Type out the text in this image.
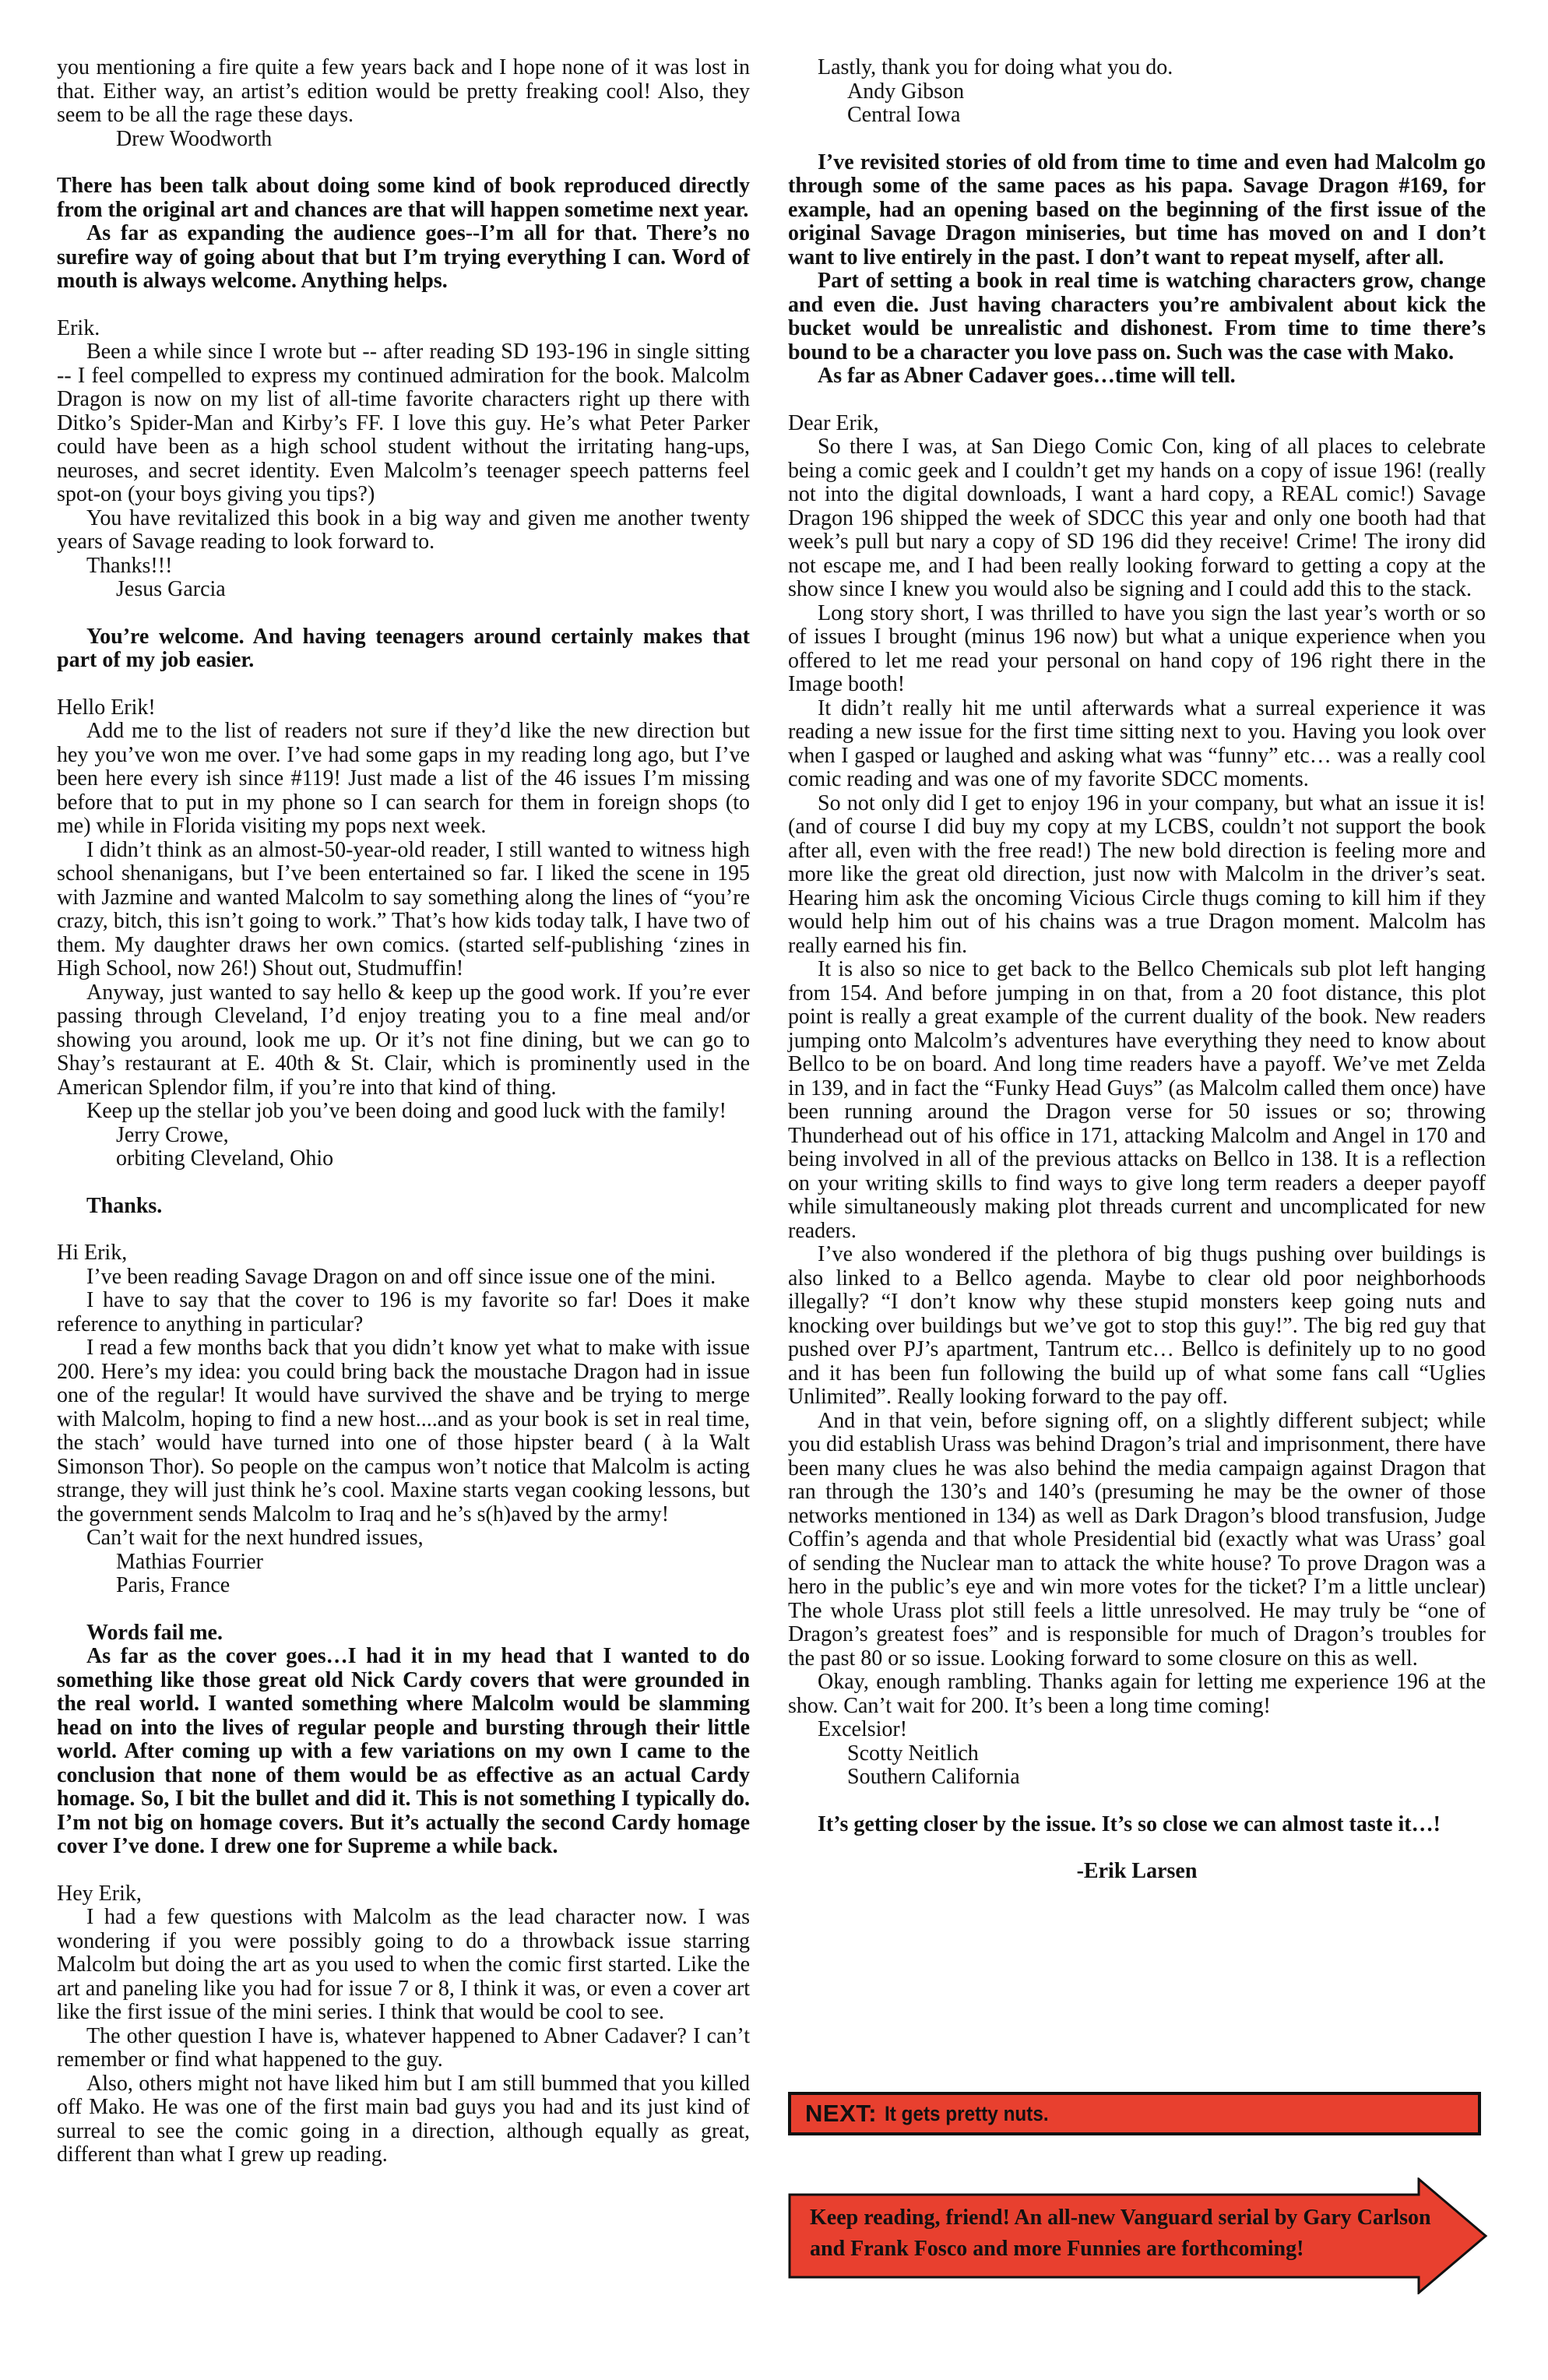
you mentioning a fire quite a few years back and I hope none of it was lost in that. Either way, an artist’s edition would be pretty freaking cool! Also, they seem to be all the rage these days.

Drew Woodworth

There has been talk about doing some kind of book reproduced directly from the original art and chances are that will happen sometime next year.

As far as expanding the audience goes--I’m all for that. There’s no surefire way of going about that but I’m trying everything I can. Word of mouth is always welcome. Anything helps.

Erik.

Been a while since I wrote but -- after reading SD 193-196 in single sitting -- I feel compelled to express my continued admiration for the book. Malcolm Dragon is now on my list of all-time favorite characters right up there with Ditko’s Spider-Man and Kirby’s FF. I love this guy. He’s what Peter Parker could have been as a high school student without the irritating hang-ups, neuroses, and secret identity. Even Malcolm’s teenager speech patterns feel spot-on (your boys giving you tips?)

You have revitalized this book in a big way and given me another twenty years of Savage reading to look forward to.

Thanks!!!

Jesus Garcia

You’re welcome. And having teenagers around certainly makes that part of my job easier.

Hello Erik!

Add me to the list of readers not sure if they’d like the new direction but hey you’ve won me over. I’ve had some gaps in my reading long ago, but I’ve been here every ish since #119! Just made a list of the 46 issues I’m missing before that to put in my phone so I can search for them in foreign shops (to me) while in Florida visiting my pops next week.

I didn’t think as an almost-50-year-old reader, I still wanted to witness high school shenanigans, but I’ve been entertained so far. I liked the scene in 195 with Jazmine and wanted Malcolm to say something along the lines of “you’re crazy, bitch, this isn’t going to work.” That’s how kids today talk, I have two of them. My daughter draws her own comics. (started self-publishing ‘zines in High School, now 26!) Shout out, Studmuffin!

Anyway, just wanted to say hello & keep up the good work. If you’re ever passing through Cleveland, I’d enjoy treating you to a fine meal and/or showing you around, look me up. Or it’s not fine dining, but we can go to Shay’s restaurant at E. 40th & St. Clair, which is prominently used in the American Splendor film, if you’re into that kind of thing.

Keep up the stellar job you’ve been doing and good luck with the family!

Jerry Crowe,

orbiting Cleveland, Ohio

Thanks.

Hi Erik,

I’ve been reading Savage Dragon on and off since issue one of the mini.

I have to say that the cover to 196 is my favorite so far! Does it make reference to anything in particular?

I read a few months back that you didn’t know yet what to make with issue 200. Here’s my idea: you could bring back the moustache Dragon had in issue one of the regular! It would have survived the shave and be trying to merge with Malcolm, hoping to find a new host....and as your book is set in real time, the stach’ would have turned into one of those hipster beard ( à la Walt Simonson Thor). So people on the campus won’t notice that Malcolm is acting strange, they will just think he’s cool. Maxine starts vegan cooking lessons, but the government sends Malcolm to Iraq and he’s s(h)aved by the army!

Can’t wait for the next hundred issues,

Mathias Fourrier

Paris, France

Words fail me.

As far as the cover goes…I had it in my head that I wanted to do something like those great old Nick Cardy covers that were grounded in the real world. I wanted something where Malcolm would be slamming head on into the lives of regular people and bursting through their little world. After coming up with a few variations on my own I came to the conclusion that none of them would be as effective as an actual Cardy homage. So, I bit the bullet and did it. This is not something I typically do. I’m not big on homage covers. But it’s actually the second Cardy homage cover I’ve done. I drew one for Supreme a while back.

Hey Erik,

I had a few questions with Malcolm as the lead character now. I was wondering if you were possibly going to do a throwback issue starring Malcolm but doing the art as you used to when the comic first started. Like the art and paneling like you had for issue 7 or 8, I think it was, or even a cover art like the first issue of the mini series. I think that would be cool to see.

The other question I have is, whatever happened to Abner Cadaver? I can’t remember or find what happened to the guy.

Also, others might not have liked him but I am still bummed that you killed off Mako. He was one of the first main bad guys you had and its just kind of surreal to see the comic going in a direction, although equally as great, different than what I grew up reading.

Lastly, thank you for doing what you do.

Andy Gibson

Central Iowa

I’ve revisited stories of old from time to time and even had Malcolm go through some of the same paces as his papa. Savage Dragon #169, for example, had an opening based on the beginning of the first issue of the original Savage Dragon miniseries, but time has moved on and I don’t want to live entirely in the past. I don’t want to repeat myself, after all.

Part of setting a book in real time is watching characters grow, change and even die. Just having characters you’re ambivalent about kick the bucket would be unrealistic and dishonest. From time to time there’s bound to be a character you love pass on. Such was the case with Mako.

As far as Abner Cadaver goes…time will tell.

Dear Erik,

So there I was, at San Diego Comic Con, king of all places to celebrate being a comic geek and I couldn’t get my hands on a copy of issue 196! (really not into the digital downloads, I want a hard copy, a REAL comic!) Savage Dragon 196 shipped the week of SDCC this year and only one booth had that week’s pull but nary a copy of SD 196 did they receive! Crime! The irony did not escape me, and I had been really looking forward to getting a copy at the show since I knew you would also be signing and I could add this to the stack.

Long story short, I was thrilled to have you sign the last year’s worth or so of issues I brought (minus 196 now) but what a unique experience when you offered to let me read your personal on hand copy of 196 right there in the Image booth!

It didn’t really hit me until afterwards what a surreal experience it was reading a new issue for the first time sitting next to you. Having you look over when I gasped or laughed and asking what was “funny” etc… was a really cool comic reading and was one of my favorite SDCC moments.

So not only did I get to enjoy 196 in your company, but what an issue it is! (and of course I did buy my copy at my LCBS, couldn’t not support the book after all, even with the free read!) The new bold direction is feeling more and more like the great old direction, just now with Malcolm in the driver’s seat. Hearing him ask the oncoming Vicious Circle thugs coming to kill him if they would help him out of his chains was a true Dragon moment. Malcolm has really earned his fin.

It is also so nice to get back to the Bellco Chemicals sub plot left hanging from 154. And before jumping in on that, from a 20 foot distance, this plot point is really a great example of the current duality of the book. New readers jumping onto Malcolm’s adventures have everything they need to know about Bellco to be on board. And long time readers have a payoff. We’ve met Zelda in 139, and in fact the “Funky Head Guys” (as Malcolm called them once) have been running around the Dragon verse for 50 issues or so; throwing Thunderhead out of his office in 171, attacking Malcolm and Angel in 170 and being involved in all of the previous attacks on Bellco in 138. It is a reflection on your writing skills to find ways to give long term readers a deeper payoff while simultaneously making plot threads current and uncomplicated for new readers.

I’ve also wondered if the plethora of big thugs pushing over buildings is also linked to a Bellco agenda. Maybe to clear old poor neighborhoods illegally? “I don’t know why these stupid monsters keep going nuts and knocking over buildings but we’ve got to stop this guy!”. The big red guy that pushed over PJ’s apartment, Tantrum etc… Bellco is definitely up to no good and it has been fun following the build up of what some fans call “Uglies Unlimited”. Really looking forward to the pay off.

And in that vein, before signing off, on a slightly different subject; while you did establish Urass was behind Dragon’s trial and imprisonment, there have been many clues he was also behind the media campaign against Dragon that ran through the 130’s and 140’s (presuming he may be the owner of those networks mentioned in 134) as well as Dark Dragon’s blood transfusion, Judge Coffin’s agenda and that whole Presidential bid (exactly what was Urass’ goal of sending the Nuclear man to attack the white house? To prove Dragon was a hero in the public’s eye and win more votes for the ticket? I’m a little unclear) The whole Urass plot still feels a little unresolved. He may truly be “one of Dragon’s greatest foes” and is responsible for much of Dragon’s troubles for the past 80 or so issue. Looking forward to some closure on this as well.

Okay, enough rambling. Thanks again for letting me experience 196 at the show. Can’t wait for 200. It’s been a long time coming!

Excelsior!

Scotty Neitlich

Southern California

It’s getting closer by the issue. It’s so close we can almost taste it…!

-Erik Larsen

NEXT: It gets pretty nuts.
Keep reading, friend! An all-new Vanguard serial by Gary Carlson and Frank Fosco and more Funnies are forthcoming!
